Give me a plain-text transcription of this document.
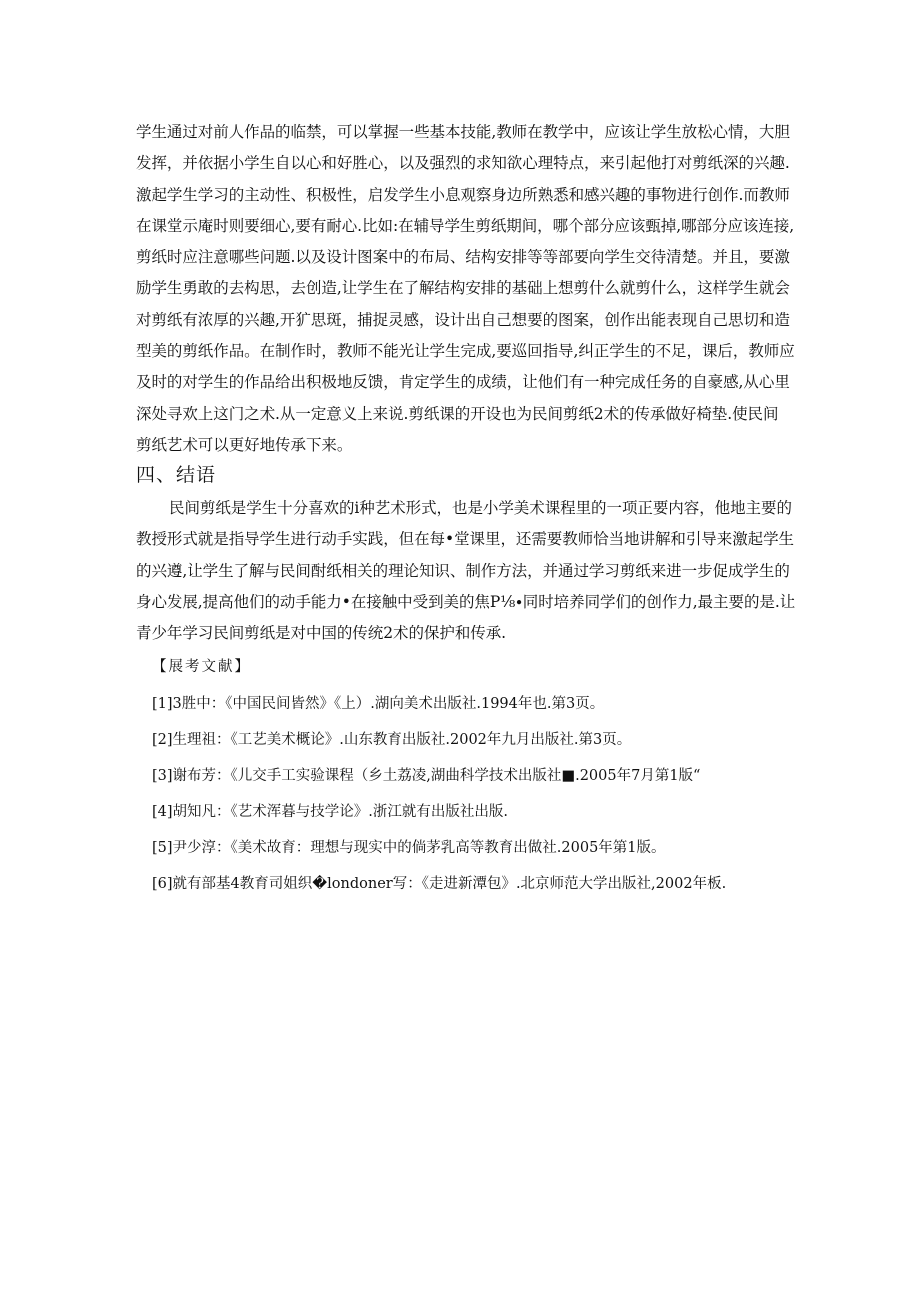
学生通过对前人作品的临禁，可以掌握一些基本技能,教师在教学中，应该让学生放松心情，大胆
发挥，并依据小学生自以心和好胜心，以及强烈的求知欲心理特点，来引起他打对剪纸深的兴趣.
激起学生学习的主动性、积极性，启发学生小息观察身边所熟悉和感兴趣的事物进行创作.而教师
在课堂示庵时则要细心,要有耐心.比如:在辅导学生剪纸期间，哪个部分应该甄掉,哪部分应该连接,
剪纸时应注意哪些问题.以及设计图案中的布局、结构安排等等部要向学生交待清楚。并且，要激
励学生勇敢的去构思，去创造,让学生在了解结构安排的基础上想剪什么就剪什么，这样学生就会
对剪纸有浓厚的兴趣,开犷思斑，捕捉灵感，设计出自己想要的图案，创作出能表现自己思切和造
型美的剪纸作品。在制作时，教师不能光让学生完成,要巡回指导,纠正学生的不足，课后，教师应
及时的对学生的作品给出积极地反馈，肯定学生的成绩，让他们有一种完成任务的自豪感,从心里
深处寻欢上这门之术.从一定意义上来说.剪纸课的开设也为民间剪纸2术的传承做好椅垫.使民间
剪纸艺术可以更好地传承下来。
四、结语
民间剪纸是学生十分喜欢的i种艺术形式，也是小学美术课程里的一项正要内容，他地主要的
教授形式就是指导学生进行动手实践，但在每•堂课里，还需要教师恰当地讲解和引导来激起学生
的兴遵,让学生了解与民间酎纸相关的理论知识、制作方法，并通过学习剪纸来进一步促成学生的
身心发展,提高他们的动手能力•在接触中受到美的焦P⅛∙同时培养同学们的创作力,最主要的是.让
青少年学习民间剪纸是对中国的传统2术的保护和传承.
【展考文献】
[1]3胜中：《中国民间皆然》《上）.湖向美术出版社.1994年也.第3页。
[2]生理祖：《工艺美术概论》.山东教育出版社.2002年九月出版社.第3页。
[3]谢布芳：《儿交手工实验课程（乡土荔凌,湖曲科学技术出版社■.2005年7月第1版“
[4]胡知凡：《艺术浑暮与技学论》.浙江就有出版社出版.
[5]尹少淳：《美术故育：理想与现实中的倘茅乳高等教育出做社.2005年第1版。
[6]就有部基4教育司姐织�londoner写：《走进新潭包》.北京师范大学出版社,2002年板.
